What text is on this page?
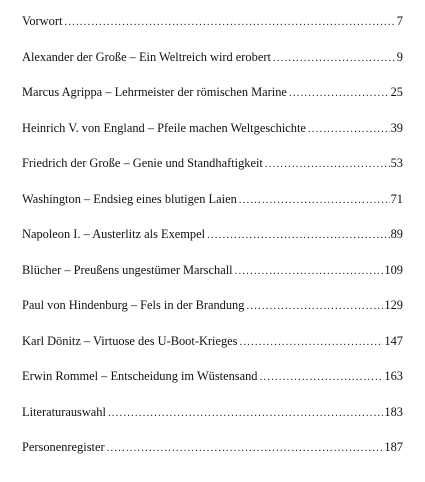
Vorwort .....	7
Alexander der Große – Ein Weltreich wird erobert .....	9
Marcus Agrippa – Lehrmeister der römischen Marine .....	25
Heinrich V. von England – Pfeile machen Weltgeschichte .....	39
Friedrich der Große – Genie und Standhaftigkeit .....	53
Washington – Endsieg eines blutigen Laien .....	71
Napoleon I. – Austerlitz als Exempel .....	89
Blücher – Preußens ungestümer Marschall .....	109
Paul von Hindenburg – Fels in der Brandung .....	129
Karl Dönitz – Virtuose des U-Boot-Krieges .....	147
Erwin Rommel – Entscheidung im Wüstensand .....	163
Literaturauswahl .....	183
Personenregister .....	187
